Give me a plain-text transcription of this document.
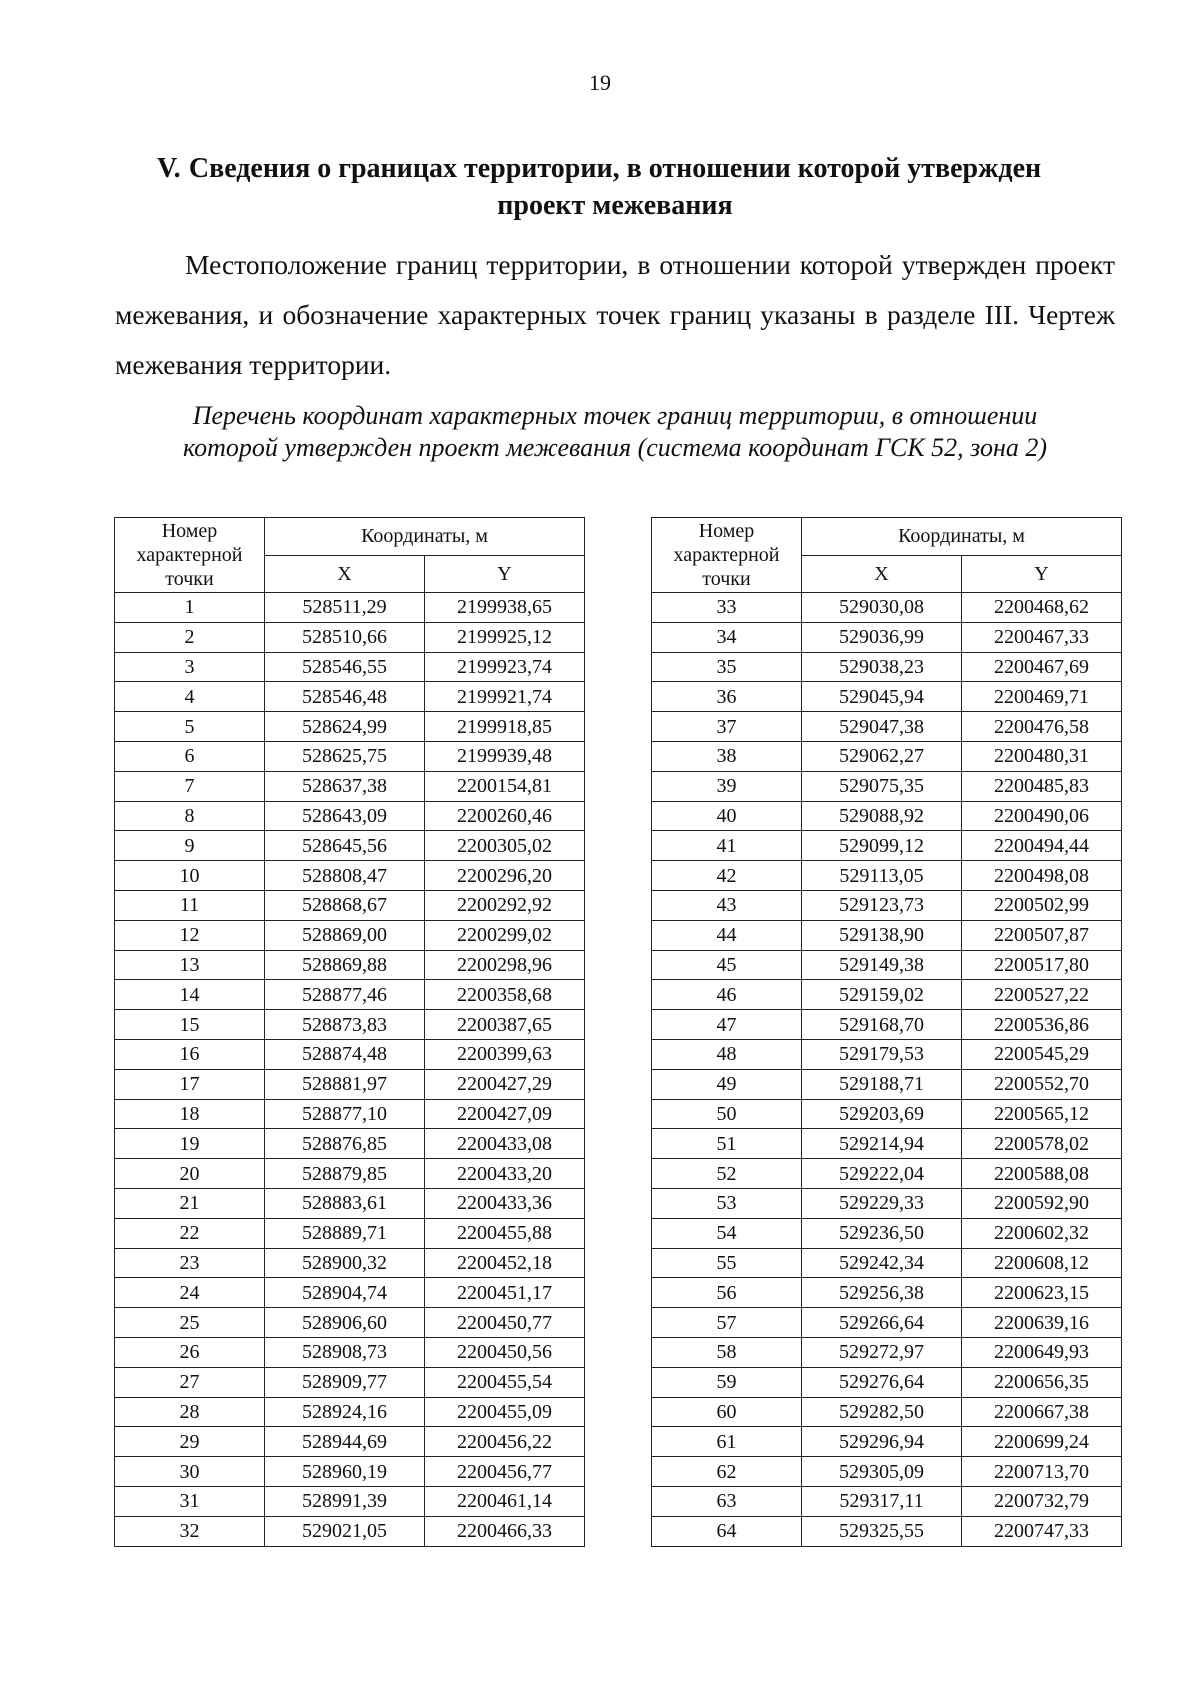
19
V. Сведения о границах территории, в отношении которой утвержден
проект межевания
Местоположение границ территории, в отношении которой утвержден проект межевания, и обозначение характерных точек границ указаны в разделе III. Чертеж межевания территории.
Перечень координат характерных точек границ территории, в отношении
которой утвержден проект межевания (система координат ГСК 52, зона 2)
Номер характерной точки	Координаты, м	
	X	Y
1	528511,29	2199938,65
2	528510,66	2199925,12
3	528546,55	2199923,74
4	528546,48	2199921,74
5	528624,99	2199918,85
6	528625,75	2199939,48
7	528637,38	2200154,81
8	528643,09	2200260,46
9	528645,56	2200305,02
10	528808,47	2200296,20
11	528868,67	2200292,92
12	528869,00	2200299,02
13	528869,88	2200298,96
14	528877,46	2200358,68
15	528873,83	2200387,65
16	528874,48	2200399,63
17	528881,97	2200427,29
18	528877,10	2200427,09
19	528876,85	2200433,08
20	528879,85	2200433,20
21	528883,61	2200433,36
22	528889,71	2200455,88
23	528900,32	2200452,18
24	528904,74	2200451,17
25	528906,60	2200450,77
26	528908,73	2200450,56
27	528909,77	2200455,54
28	528924,16	2200455,09
29	528944,69	2200456,22
30	528960,19	2200456,77
31	528991,39	2200461,14
32	529021,05	2200466,33
Номер характерной точки	Координаты, м	
	X	Y
33	529030,08	2200468,62
34	529036,99	2200467,33
35	529038,23	2200467,69
36	529045,94	2200469,71
37	529047,38	2200476,58
38	529062,27	2200480,31
39	529075,35	2200485,83
40	529088,92	2200490,06
41	529099,12	2200494,44
42	529113,05	2200498,08
43	529123,73	2200502,99
44	529138,90	2200507,87
45	529149,38	2200517,80
46	529159,02	2200527,22
47	529168,70	2200536,86
48	529179,53	2200545,29
49	529188,71	2200552,70
50	529203,69	2200565,12
51	529214,94	2200578,02
52	529222,04	2200588,08
53	529229,33	2200592,90
54	529236,50	2200602,32
55	529242,34	2200608,12
56	529256,38	2200623,15
57	529266,64	2200639,16
58	529272,97	2200649,93
59	529276,64	2200656,35
60	529282,50	2200667,38
61	529296,94	2200699,24
62	529305,09	2200713,70
63	529317,11	2200732,79
64	529325,55	2200747,33
